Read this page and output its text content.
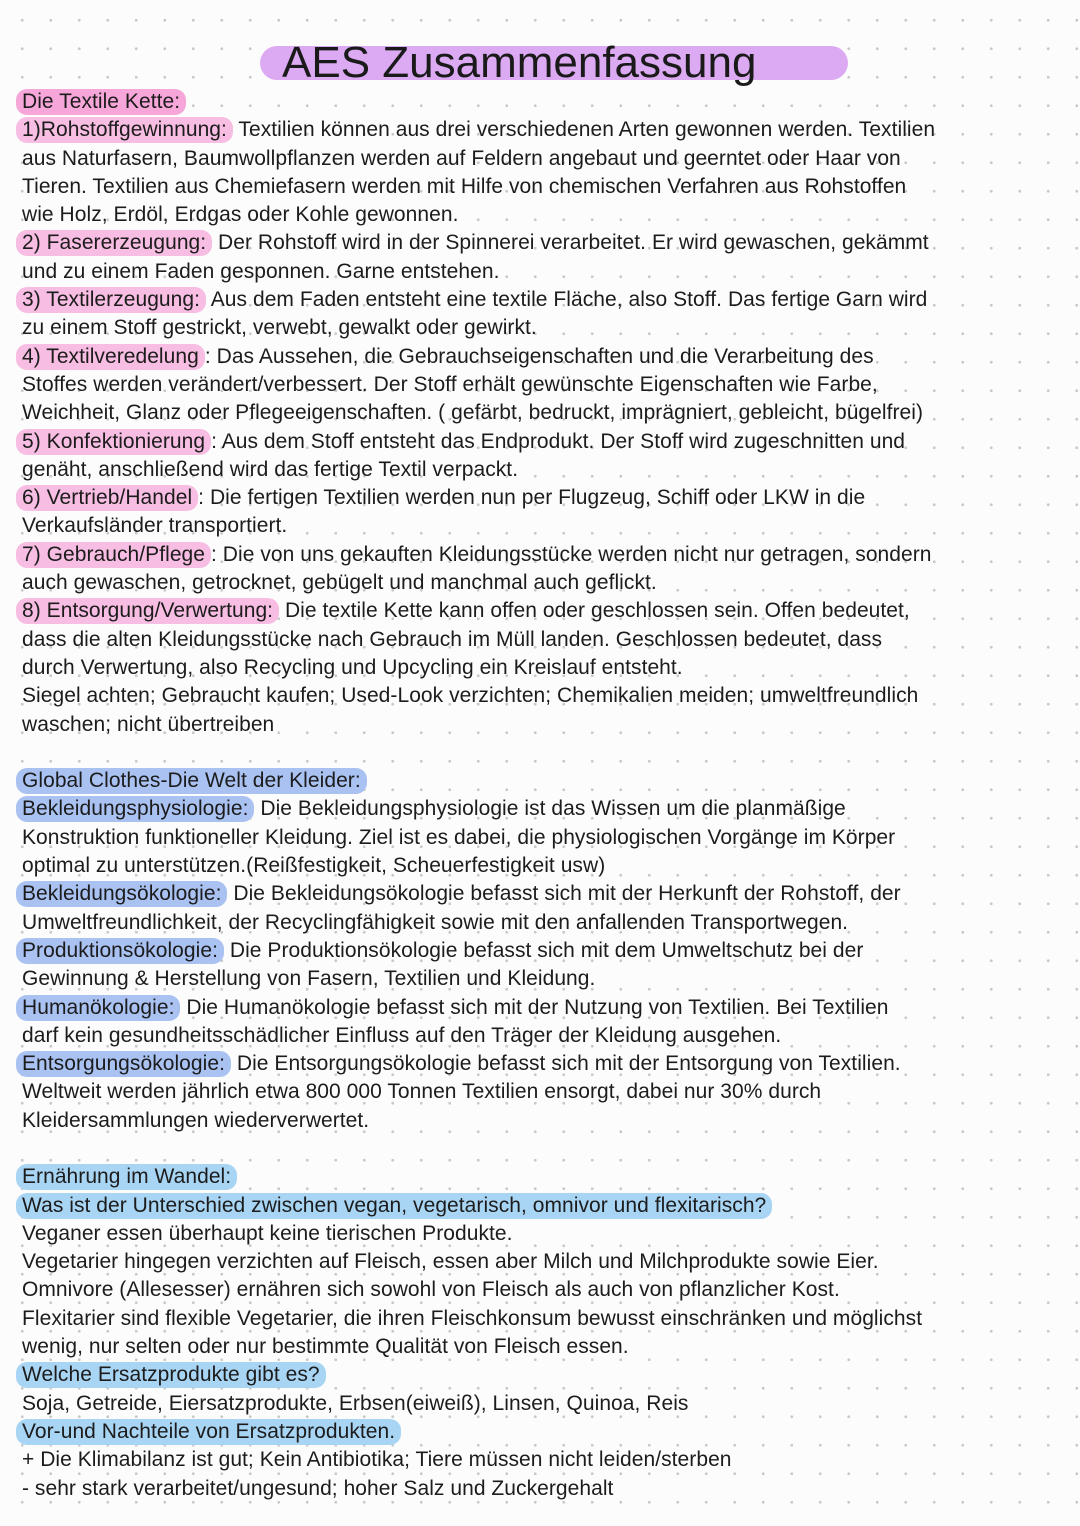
AES Zusammenfassung
Die Textile Kette:
1)Rohstoffgewinnung: Textilien können aus drei verschiedenen Arten gewonnen werden. Textilien
aus Naturfasern, Baumwollpflanzen werden auf Feldern angebaut und geerntet oder Haar von
Tieren. Textilien aus Chemiefasern werden mit Hilfe von chemischen Verfahren aus Rohstoffen
wie Holz, Erdöl, Erdgas oder Kohle gewonnen.
2) Fasererzeugung: Der Rohstoff wird in der Spinnerei verarbeitet. Er wird gewaschen, gekämmt
und zu einem Faden gesponnen. Garne entstehen.
3) Textilerzeugung: Aus dem Faden entsteht eine textile Fläche, also Stoff. Das fertige Garn wird
zu einem Stoff gestrickt, verwebt, gewalkt oder gewirkt.
4) Textilveredelung : Das Aussehen, die Gebrauchseigenschaften und die Verarbeitung des
Stoffes werden verändert/verbessert. Der Stoff erhält gewünschte Eigenschaften wie Farbe,
Weichheit, Glanz oder Pflegeeigenschaften. ( gefärbt, bedruckt, imprägniert, gebleicht, bügelfrei)
5) Konfektionierung : Aus dem Stoff entsteht das Endprodukt. Der Stoff wird zugeschnitten und
genäht, anschließend wird das fertige Textil verpackt.
6) Vertrieb/Handel : Die fertigen Textilien werden nun per Flugzeug, Schiff oder LKW in die
Verkaufsländer transportiert.
7) Gebrauch/Pflege : Die von uns gekauften Kleidungsstücke werden nicht nur getragen, sondern
auch gewaschen, getrocknet, gebügelt und manchmal auch geflickt.
8) Entsorgung/Verwertung: Die textile Kette kann offen oder geschlossen sein. Offen bedeutet,
dass die alten Kleidungsstücke nach Gebrauch im Müll landen. Geschlossen bedeutet, dass
durch Verwertung, also Recycling und Upcycling ein Kreislauf entsteht.
Siegel achten; Gebraucht kaufen; Used-Look verzichten; Chemikalien meiden; umweltfreundlich
waschen; nicht übertreiben
Global Clothes-Die Welt der Kleider:
Bekleidungsphysiologie: Die Bekleidungsphysiologie ist das Wissen um die planmäßige
Konstruktion funktioneller Kleidung. Ziel ist es dabei, die physiologischen Vorgänge im Körper
optimal zu unterstützen.(Reißfestigkeit, Scheuerfestigkeit usw)
Bekleidungsökologie: Die Bekleidungsökologie befasst sich mit der Herkunft der Rohstoff, der
Umweltfreundlichkeit, der Recyclingfähigkeit sowie mit den anfallenden Transportwegen.
Produktionsökologie: Die Produktionsökologie befasst sich mit dem Umweltschutz bei der
Gewinnung & Herstellung von Fasern, Textilien und Kleidung.
Humanökologie: Die Humanökologie befasst sich mit der Nutzung von Textilien. Bei Textilien
darf kein gesundheitsschädlicher Einfluss auf den Träger der Kleidung ausgehen.
Entsorgungsökologie: Die Entsorgungsökologie befasst sich mit der Entsorgung von Textilien.
Weltweit werden jährlich etwa 800 000 Tonnen Textilien ensorgt, dabei nur 30% durch
Kleidersammlungen wiederverwertet.
Ernährung im Wandel:
Was ist der Unterschied zwischen vegan, vegetarisch, omnivor und flexitarisch?
Veganer essen überhaupt keine tierischen Produkte.
Vegetarier hingegen verzichten auf Fleisch, essen aber Milch und Milchprodukte sowie Eier.
Omnivore (Allesesser) ernähren sich sowohl von Fleisch als auch von pflanzlicher Kost.
Flexitarier sind flexible Vegetarier, die ihren Fleischkonsum bewusst einschränken und möglichst
wenig, nur selten oder nur bestimmte Qualität von Fleisch essen.
Welche Ersatzprodukte gibt es?
Soja, Getreide, Eiersatzprodukte, Erbsen(eiweiß), Linsen, Quinoa, Reis
Vor-und Nachteile von Ersatzprodukten.
+ Die Klimabilanz ist gut; Kein Antibiotika; Tiere müssen nicht leiden/sterben
- sehr stark verarbeitet/ungesund; hoher Salz und Zuckergehalt
